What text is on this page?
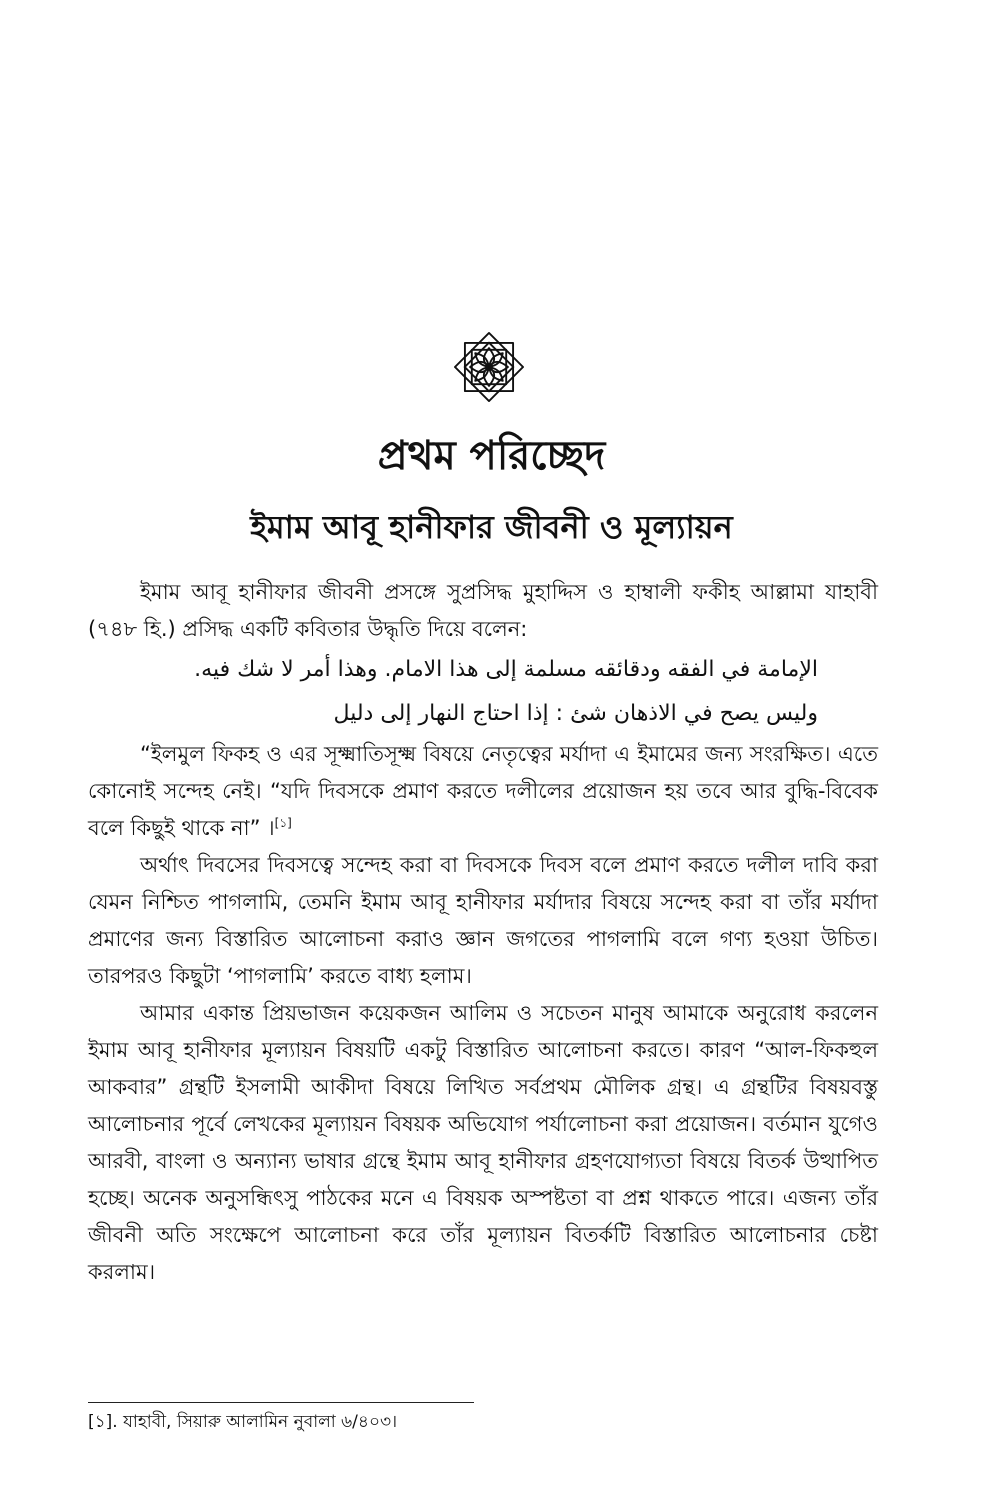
প্রথম পরিচ্ছেদ
ইমাম আবূ হানীফার জীবনী ও মূল্যায়ন

ইমাম আবূ হানীফার জীবনী প্রসঙ্গে সুপ্রসিদ্ধ মুহাদ্দিস ও হাম্বালী ফকীহ আল্লামা যাহাবী (৭৪৮ হি.) প্রসিদ্ধ একটি কবিতার উদ্ধৃতি দিয়ে বলেন:

الإمامة في الفقه ودقائقه مسلمة إلى هذا الامام. وهذا أمر لا شك فيه.
وليس يصح في الاذهان شئ : إذا احتاج النهار إلى دليل

“ইলমুল ফিকহ ও এর সূক্ষ্মাতিসূক্ষ্ম বিষয়ে নেতৃত্বের মর্যাদা এ ইমামের জন্য সংরক্ষিত। এতে কোনোই সন্দেহ নেই। “যদি দিবসকে প্রমাণ করতে দলীলের প্রয়োজন হয় তবে আর বুদ্ধি-বিবেক বলে কিছুই থাকে না” ।[১]

অর্থাৎ দিবসের দিবসত্বে সন্দেহ করা বা দিবসকে দিবস বলে প্রমাণ করতে দলীল দাবি করা যেমন নিশ্চিত পাগলামি, তেমনি ইমাম আবূ হানীফার মর্যাদার বিষয়ে সন্দেহ করা বা তাঁর মর্যাদা প্রমাণের জন্য বিস্তারিত আলোচনা করাও জ্ঞান জগতের পাগলামি বলে গণ্য হওয়া উচিত। তারপরও কিছুটা ‘পাগলামি’ করতে বাধ্য হলাম।

আমার একান্ত প্রিয়ভাজন কয়েকজন আলিম ও সচেতন মানুষ আমাকে অনুরোধ করলেন ইমাম আবূ হানীফার মূল্যায়ন বিষয়টি একটু বিস্তারিত আলোচনা করতে। কারণ “আল-ফিকহুল আকবার” গ্রন্থটি ইসলামী আকীদা বিষয়ে লিখিত সর্বপ্রথম মৌলিক গ্রন্থ। এ গ্রন্থটির বিষয়বস্তু আলোচনার পূর্বে লেখকের মূল্যায়ন বিষয়ক অভিযোগ পর্যালোচনা করা প্রয়োজন। বর্তমান যুগেও আরবী, বাংলা ও অন্যান্য ভাষার গ্রন্থে ইমাম আবূ হানীফার গ্রহণযোগ্যতা বিষয়ে বিতর্ক উত্থাপিত হচ্ছে। অনেক অনুসন্ধিৎসু পাঠকের মনে এ বিষয়ক অস্পষ্টতা বা প্রশ্ন থাকতে পারে। এজন্য তাঁর জীবনী অতি সংক্ষেপে আলোচনা করে তাঁর মূল্যায়ন বিতর্কটি বিস্তারিত আলোচনার চেষ্টা করলাম।

[১]. যাহাবী, সিয়ারু আলামিন নুবালা ৬/৪০৩।
